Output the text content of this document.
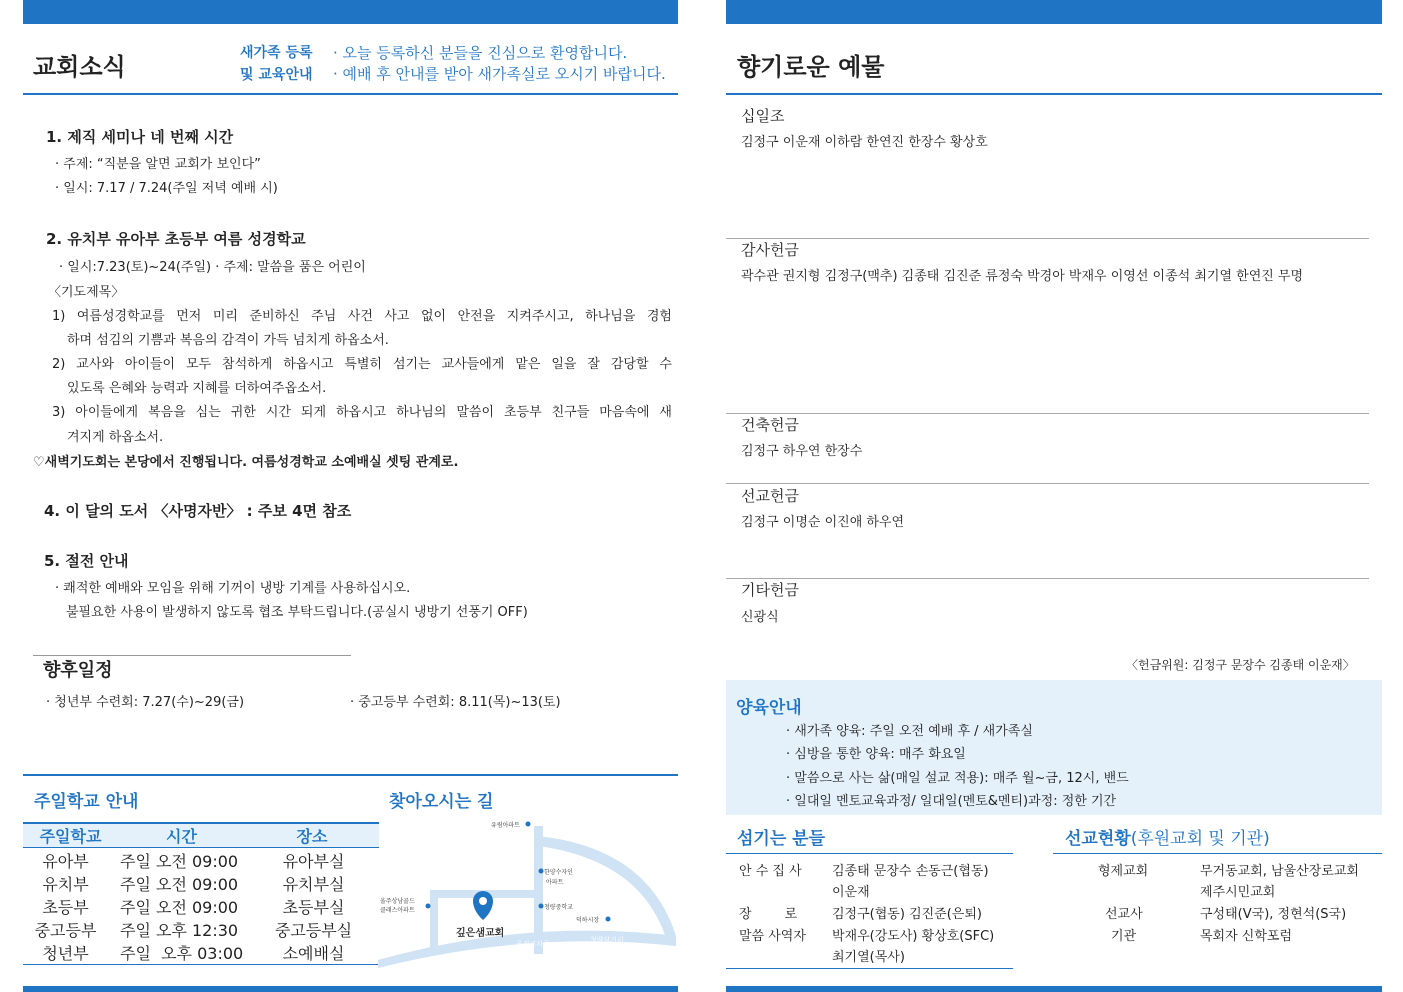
교회소식	새가족 등록
및 교육안내
· 오늘 등록하신 분들을 진심으로 환영합니다.
· 예배 후 안내를 받아 새가족실로 오시기 바랍니다.
1. 제직 세미나 네 번째 시간
· 주제: “직분을 알면 교회가 보인다”
· 일시: 7.17 / 7.24(주일 저녁 예배 시)
2. 유치부 유아부 초등부 여름 성경학교
· 일시:7.23(토)~24(주일) · 주제: 말씀을 품은 어린이
〈기도제목〉
1) 여름성경학교를 먼저 미리 준비하신 주님 사건 사고 없이 안전을 지켜주시고, 하나님을 경험
하며 섬김의 기쁨과 복음의 감격이 가득 넘치게 하옵소서.
2) 교사와 아이들이 모두 참석하게 하옵시고 특별히 섬기는 교사들에게 맡은 일을 잘 감당할 수
있도록 은혜와 능력과 지혜를 더하여주옵소서.
3) 아이들에게 복음을 심는 귀한 시간 되게 하옵시고 하나님의 말씀이 초등부 친구들 마음속에 새
겨지게 하옵소서.
♡새벽기도회는 본당에서 진행됩니다. 여름성경학교 소예배실 셋팅 관계로.
4. 이 달의 도서 〈사명자반〉 : 주보 4면 참조
5. 절전 안내
· 쾌적한 예배와 모임을 위해 기꺼이 냉방 기계를 사용하십시오.
불필요한 사용이 발생하지 않도록 협조 부탁드립니다.(공실시 냉방기 선풍기 OFF)
향후일정
· 청년부 수련회: 7.27(수)~29(금)	· 중고등부 수련회: 8.11(목)~13(토)
주일학교 안내
주일학교	시간	장소
유아부	주일 오전 09:00	유아부실
유치부	주일 오전 09:00	유치부실
초등부	주일 오전 09:00	초등부실
중고등부	주일 오후 12:30	중고등부실
청년부	주일  오후 03:00	소예배실
찾아오시는 길
깊은샘교회
유림아파트
한양수자인
아파트
청량중학교
덕하시장
울주상남골드
클래스아파트
울진교차로	청량삼거리
향기로운 예물
십일조
김정구 이운재 이하람 한연진 한장수 황상호
감사헌금
곽수관 권지형 김정구(맥추) 김종태 김진준 류정숙 박경아 박재우 이영선 이종석 최기열 한연진 무명
건축헌금
김정구 하우연 한장수
선교헌금
김정구 이명순 이진애 하우연
기타헌금
신광식
〈헌금위원: 김정구 문장수 김종태 이운재〉
양육안내
· 새가족 양육: 주일 오전 예배 후 / 새가족실
· 심방을 통한 양육: 매주 화요일
· 말씀으로 사는 삶(매일 설교 적용): 매주 월~금, 12시, 밴드
· 일대일 멘토교육과정/ 일대일(멘토&멘티)과정: 정한 기간
섬기는 분들
안 수 집 사 김종태 문장수 손동근(협동)
이운재
장        로	김정구(협동) 김진준(은퇴)
말씀 사역자 박재우(강도사) 황상호(SFC)
최기열(목사)
선교현황(후원교회 및 기관)
형제교회	무거동교회, 남울산장로교회
제주시민교회
선교사	구성태(V국), 정현석(S국)
기관	목회자 신학포럼
